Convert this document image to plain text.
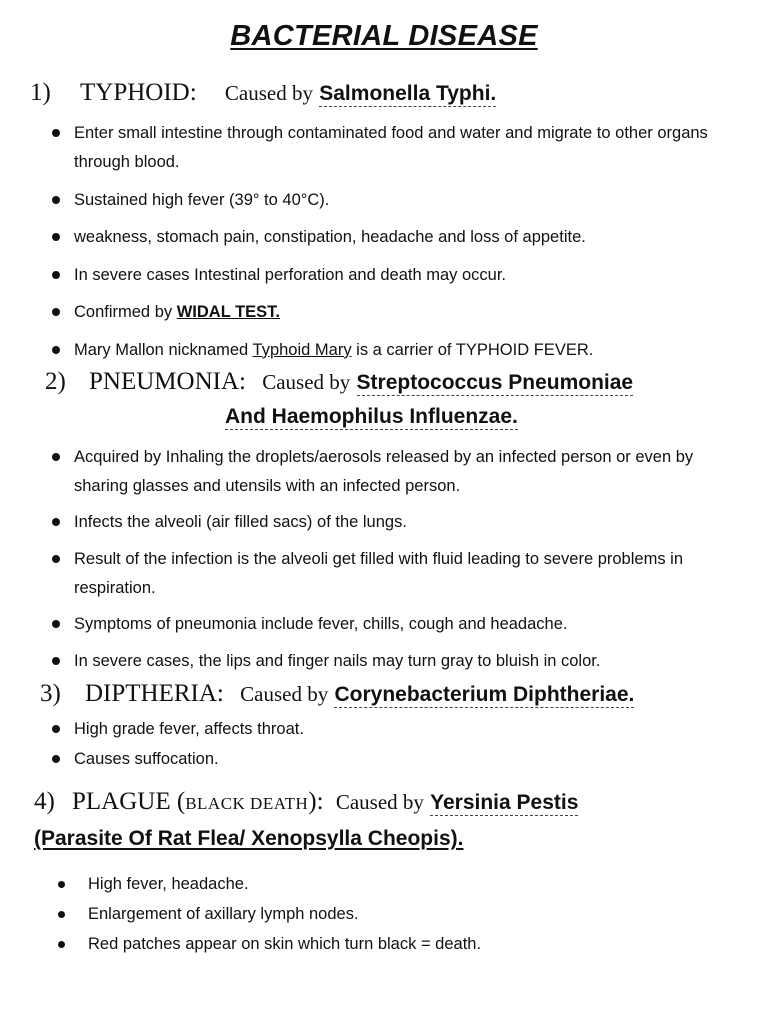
BACTERIAL DISEASE
1) TYPHOID: Caused by Salmonella Typhi.
Enter small intestine through contaminated food and water and migrate to other organs through blood.
Sustained high fever (39° to 40°C).
weakness, stomach pain, constipation, headache and loss of appetite.
In severe cases Intestinal perforation and death may occur.
Confirmed by WIDAL TEST.
Mary Mallon nicknamed Typhoid Mary is a carrier of TYPHOID FEVER.
2) PNEUMONIA: Caused by Streptococcus Pneumoniae
And Haemophilus Influenzae.
Acquired by Inhaling the droplets/aerosols released by an infected person or even by sharing glasses and utensils with an infected person.
Infects the alveoli (air filled sacs) of the lungs.
Result of the infection is the alveoli get filled with fluid leading to severe problems in respiration.
Symptoms of pneumonia include fever, chills, cough and headache.
In severe cases, the lips and finger nails may turn gray to bluish in color.
3) DIPTHERIA: Caused by Corynebacterium Diphtheriae.
High grade fever, affects throat.
Causes suffocation.
4) PLAGUE (BLACK DEATH): Caused by Yersinia Pestis
(Parasite Of Rat Flea/ Xenopsylla Cheopis).
High fever, headache.
Enlargement of axillary lymph nodes.
Red patches appear on skin which turn black = death.
